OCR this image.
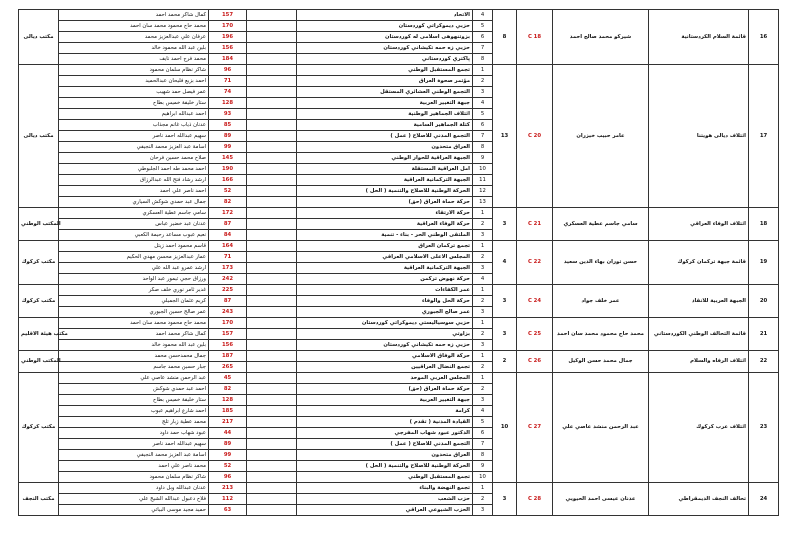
مكتب ديالى	كمال شاكر محمد احمد	157		الاتحاد	4	8	C 18	شيركو محمد صالح احمد	قائمة السلام الكردستانية	16
	محمد حاج محمود محمد سان احمد	170		حزبي ديموكراتي كوردستان	5					
	عرفان علي عبدالعزيز محمد	196		بزوتنهوهی اسلامی له كوردستان	6					
	بلين عبد الله محمود خالد	156		حزبي زه حمه تكيشاني كوردستان	7					
	محمد فرج احمد نايف	184		پاكتري كوردستاني	8					
مكتب ديالى	شاكر نظام سلمان محمود	96		تجمع المستقبل الوطني	1	13	C 20	عامر حبيب خيزران	ائتلاف ديالى هويتنا	17
	احمد بزيع فليحان عبدالحميد	71		مؤتمر صحوة العراق	2					
	عمر فيصل حمد شهيب	74		التجمع الوطني العشائري المستقل	3					
	ستار خليفة خميس بطاح	128		جبهة التغيير العربية	4					
	احمد عبدالله ابراهيم	93		ائتلاف الجماهير الوطنية	5					
	عدنان ذياب غانم مجذاب	85		كتلة الجماهير السامية	6					
	سهيم عبدالله احمد ناصر	89		التجمع المدني للاصلاح ( عمل )	7					
	اسامة عبد العزيز محمد النجيفي	99		العراق متحدون	8					
	صلاح محمد حسين فرحان	145		الجبهة العراقية للحوار الوطني	9					
	احمد محمد طه احمد الجلبوطي	190		امل العراقية المستقلة	10					
	ارشد رشاد فتح الله عبدالرزاق	166		الجبهة التركمانية العراقية	11					
	احمد ناصر علي احمد	52		الحركة الوطنية للاصلاح والتنمية ( الحل )	12					
	جمال عبد حمدي شوكش السياري	82		حركة حماة العراق (حق)	13					
المكتب الوطني	سامي جاسم عطية العسكري	172		حركة الارتقاء	1	3	C 21	سامي جاسم عطية العسكري	ائتلاف الوفاء العراقي	18
	عدنان عبد خضير عباس	87		حركة الوفاء العراقية	2					
	نعيم عبوب مساعد رحيمة الكعبي	84		الملتقى الوطني الحر - بناء - تنمية	3					
مكتب كركوك	قاسم محمود احمد زيتل	164		تجمع تركمان العراق	1	4	C 22	حسن توران بهاء الدين سعيد	قائمة جبهة تركمان كركوك	19
	عمار عبدالعزيز محسن مهدي الحكيم	71		المجلس الاعلى الاسلامي العراقي	2					
	ارشد عمرو عبد الله علي	173		الجبهة التركمانية العراقية	3					
	ورزاق حجي تيمور عبد الواحد	242		حركة نهوض تركمن	4					
مكتب كركوك	غدير ثامر نوري خلف صكر	225		عمر الكفاءات	1	3	C 24	عمر خلف جواد	الجبهة العربية للانقاذ	20
	كريم عثمان الجميلي	87		حركة الحل والوفاء	2					
	عمر صالح حسين الجبوري	243		عمر صالح الجبوري	3					
مكتب هيئة الاقليم	محمد حاج محمود محمد سان احمد	170		حزبي سوسياليستي ديموكراتي كوردستان	1	3	C 25	محمد حاج محمود محمد سان احمد	قائمة التحالف الوطني الكوردستاني	21
	كمال شاكر محمد احمد	157		بزاوتي	2					
	بلين عبد الله محمود خالد	156		حزبي زه حمه تكيشاني كوردستان	3					
المكتب الوطني	جمال محمدحسن محمد	187		حركة الوفاق الاسلامي	1	2	C 26	جمال محمد حسن الوكيل	ائتلاف الرفاه والسلام	22
	جبار حسين محمد جاسم	265		تجمع النضال العراقيين	2					
مكتب كركوك	عبد الرحمن منشد عاصي علي	45		المجلس العربي الموحد	1	10	C 27	عبد الرحمن منشد عاصي علي	ائتلاف عرب كركوك	23
	احمد عبد حمدي شوكش	82		حركة حماة العراق (حق)	2					
	ستار خليفة خميس بطاح	128		جبهة التغيير العربية	3					
	احمد شارع ابراهيم عبوب	185		كرامة	4					
	محمد عطية زبار تلج	217		القيادة المدنية ( تقدم )	5					
	عبود شهاب حمد داود	44		الدكتور عبود شهاب المفرجي	6					
	سهيم عبدالله احمد ناصر	89		التجمع المدني للاصلاح ( عمل )	7					
	اسامة عبد العزيز محمد النجيفي	99		العراق متحدون	8					
	محمد ناصر علي احمد	52		الحركة الوطنية للاصلاح والتنمية ( الحل )	9					
	شاكر نظام سلمان محمود	96		تجمع المستقبل الوطني	10					
مكتب النجف	عدنان عبدالله وبل داود	213		تجمع النهضة والبناء	1	3	C 28	عدنان عيسى احمد الحيويي	تحالف النجف الديمقراطي	24
	فلاح دعبول عبدالله الشيخ علي	112		حزب الشعب	2					
	حميد مجيد موسى البياتي	63		الحزب الشيوعي العراقي	3					
